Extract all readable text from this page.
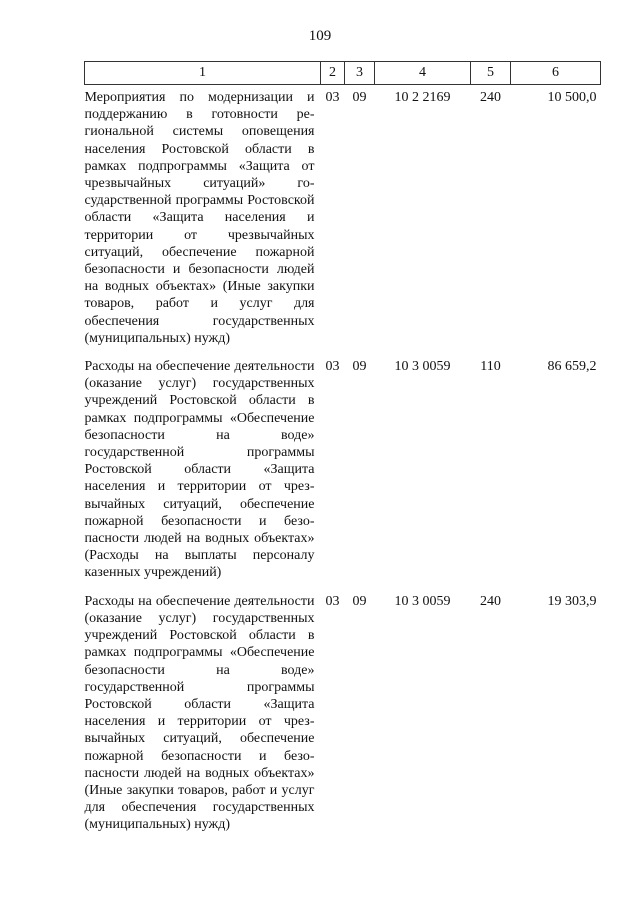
109
1	2	3	4	5	6
Мероприятия по модернизации и поддержанию в готовности региональной системы оповещения населения Ростовской области в рамках подпрограммы «Защита от чрезвычайных ситуаций» государственной программы Ростовской области «Защита населения и территории от чрезвычайных ситуаций, обеспечение пожарной безопасности и безопасности людей на водных объектах» (Иные закупки товаров, работ и услуг для обеспечения государственных (муниципальных) нужд)	03	09	10 2 2169	240	10 500,0
Расходы на обеспечение деятельности (оказание услуг) государственных учреждений Ростовской области в рамках подпрограммы «Обеспечение безопасности на воде» государственной программы Ростовской области «Защита населения и территории от чрезвычайных ситуаций, обеспечение пожарной безопасности и безопасности людей на водных объектах» (Расходы на выплаты персоналу казенных учреждений)	03	09	10 3 0059	110	86 659,2
Расходы на обеспечение деятельности (оказание услуг) государственных учреждений Ростовской области в рамках подпрограммы «Обеспечение безопасности на воде» государственной программы Ростовской области «Защита населения и территории от чрезвычайных ситуаций, обеспечение пожарной безопасности и безопасности людей на водных объектах» (Иные закупки товаров, работ и услуг для обеспечения государственных (муниципальных) нужд)	03	09	10 3 0059	240	19 303,9
